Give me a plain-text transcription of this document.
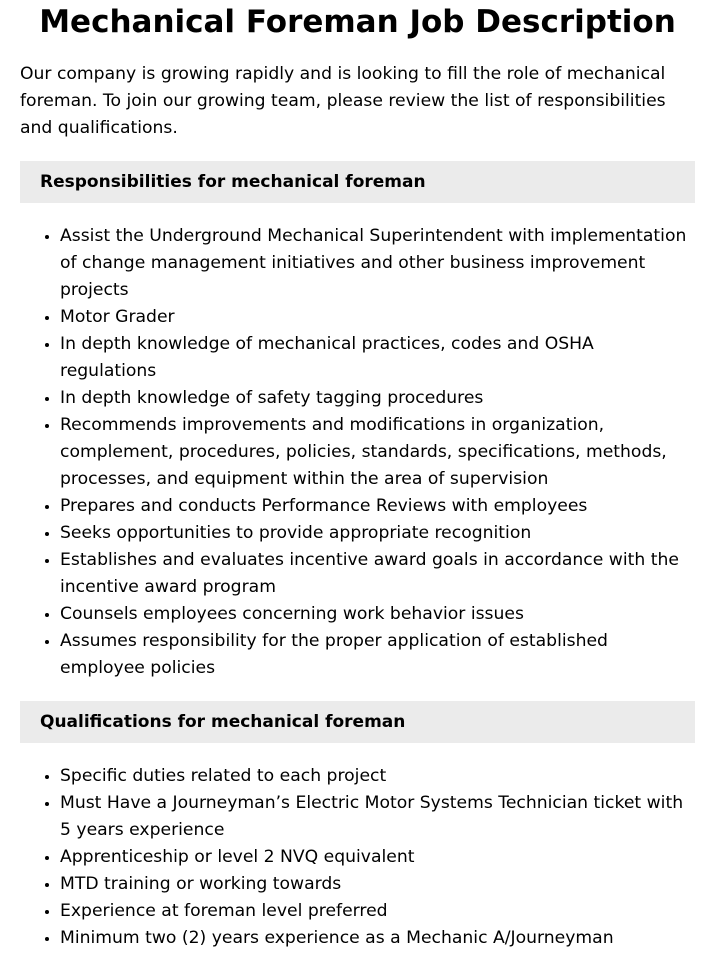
Mechanical Foreman Job Description

Our company is growing rapidly and is looking to fill the role of mechanical foreman. To join our growing team, please review the list of responsibilities and qualifications.

Responsibilities for mechanical foreman
• Assist the Underground Mechanical Superintendent with implementation of change management initiatives and other business improvement projects
• Motor Grader
• In depth knowledge of mechanical practices, codes and OSHA regulations
• In depth knowledge of safety tagging procedures
• Recommends improvements and modifications in organization, complement, procedures, policies, standards, specifications, methods, processes, and equipment within the area of supervision
• Prepares and conducts Performance Reviews with employees
• Seeks opportunities to provide appropriate recognition
• Establishes and evaluates incentive award goals in accordance with the incentive award program
• Counsels employees concerning work behavior issues
• Assumes responsibility for the proper application of established employee policies
Qualifications for mechanical foreman
• Specific duties related to each project
• Must Have a Journeyman’s Electric Motor Systems Technician ticket with 5 years experience
• Apprenticeship or level 2 NVQ equivalent
• MTD training or working towards
• Experience at foreman level preferred
• Minimum two (2) years experience as a Mechanic A/Journeyman
